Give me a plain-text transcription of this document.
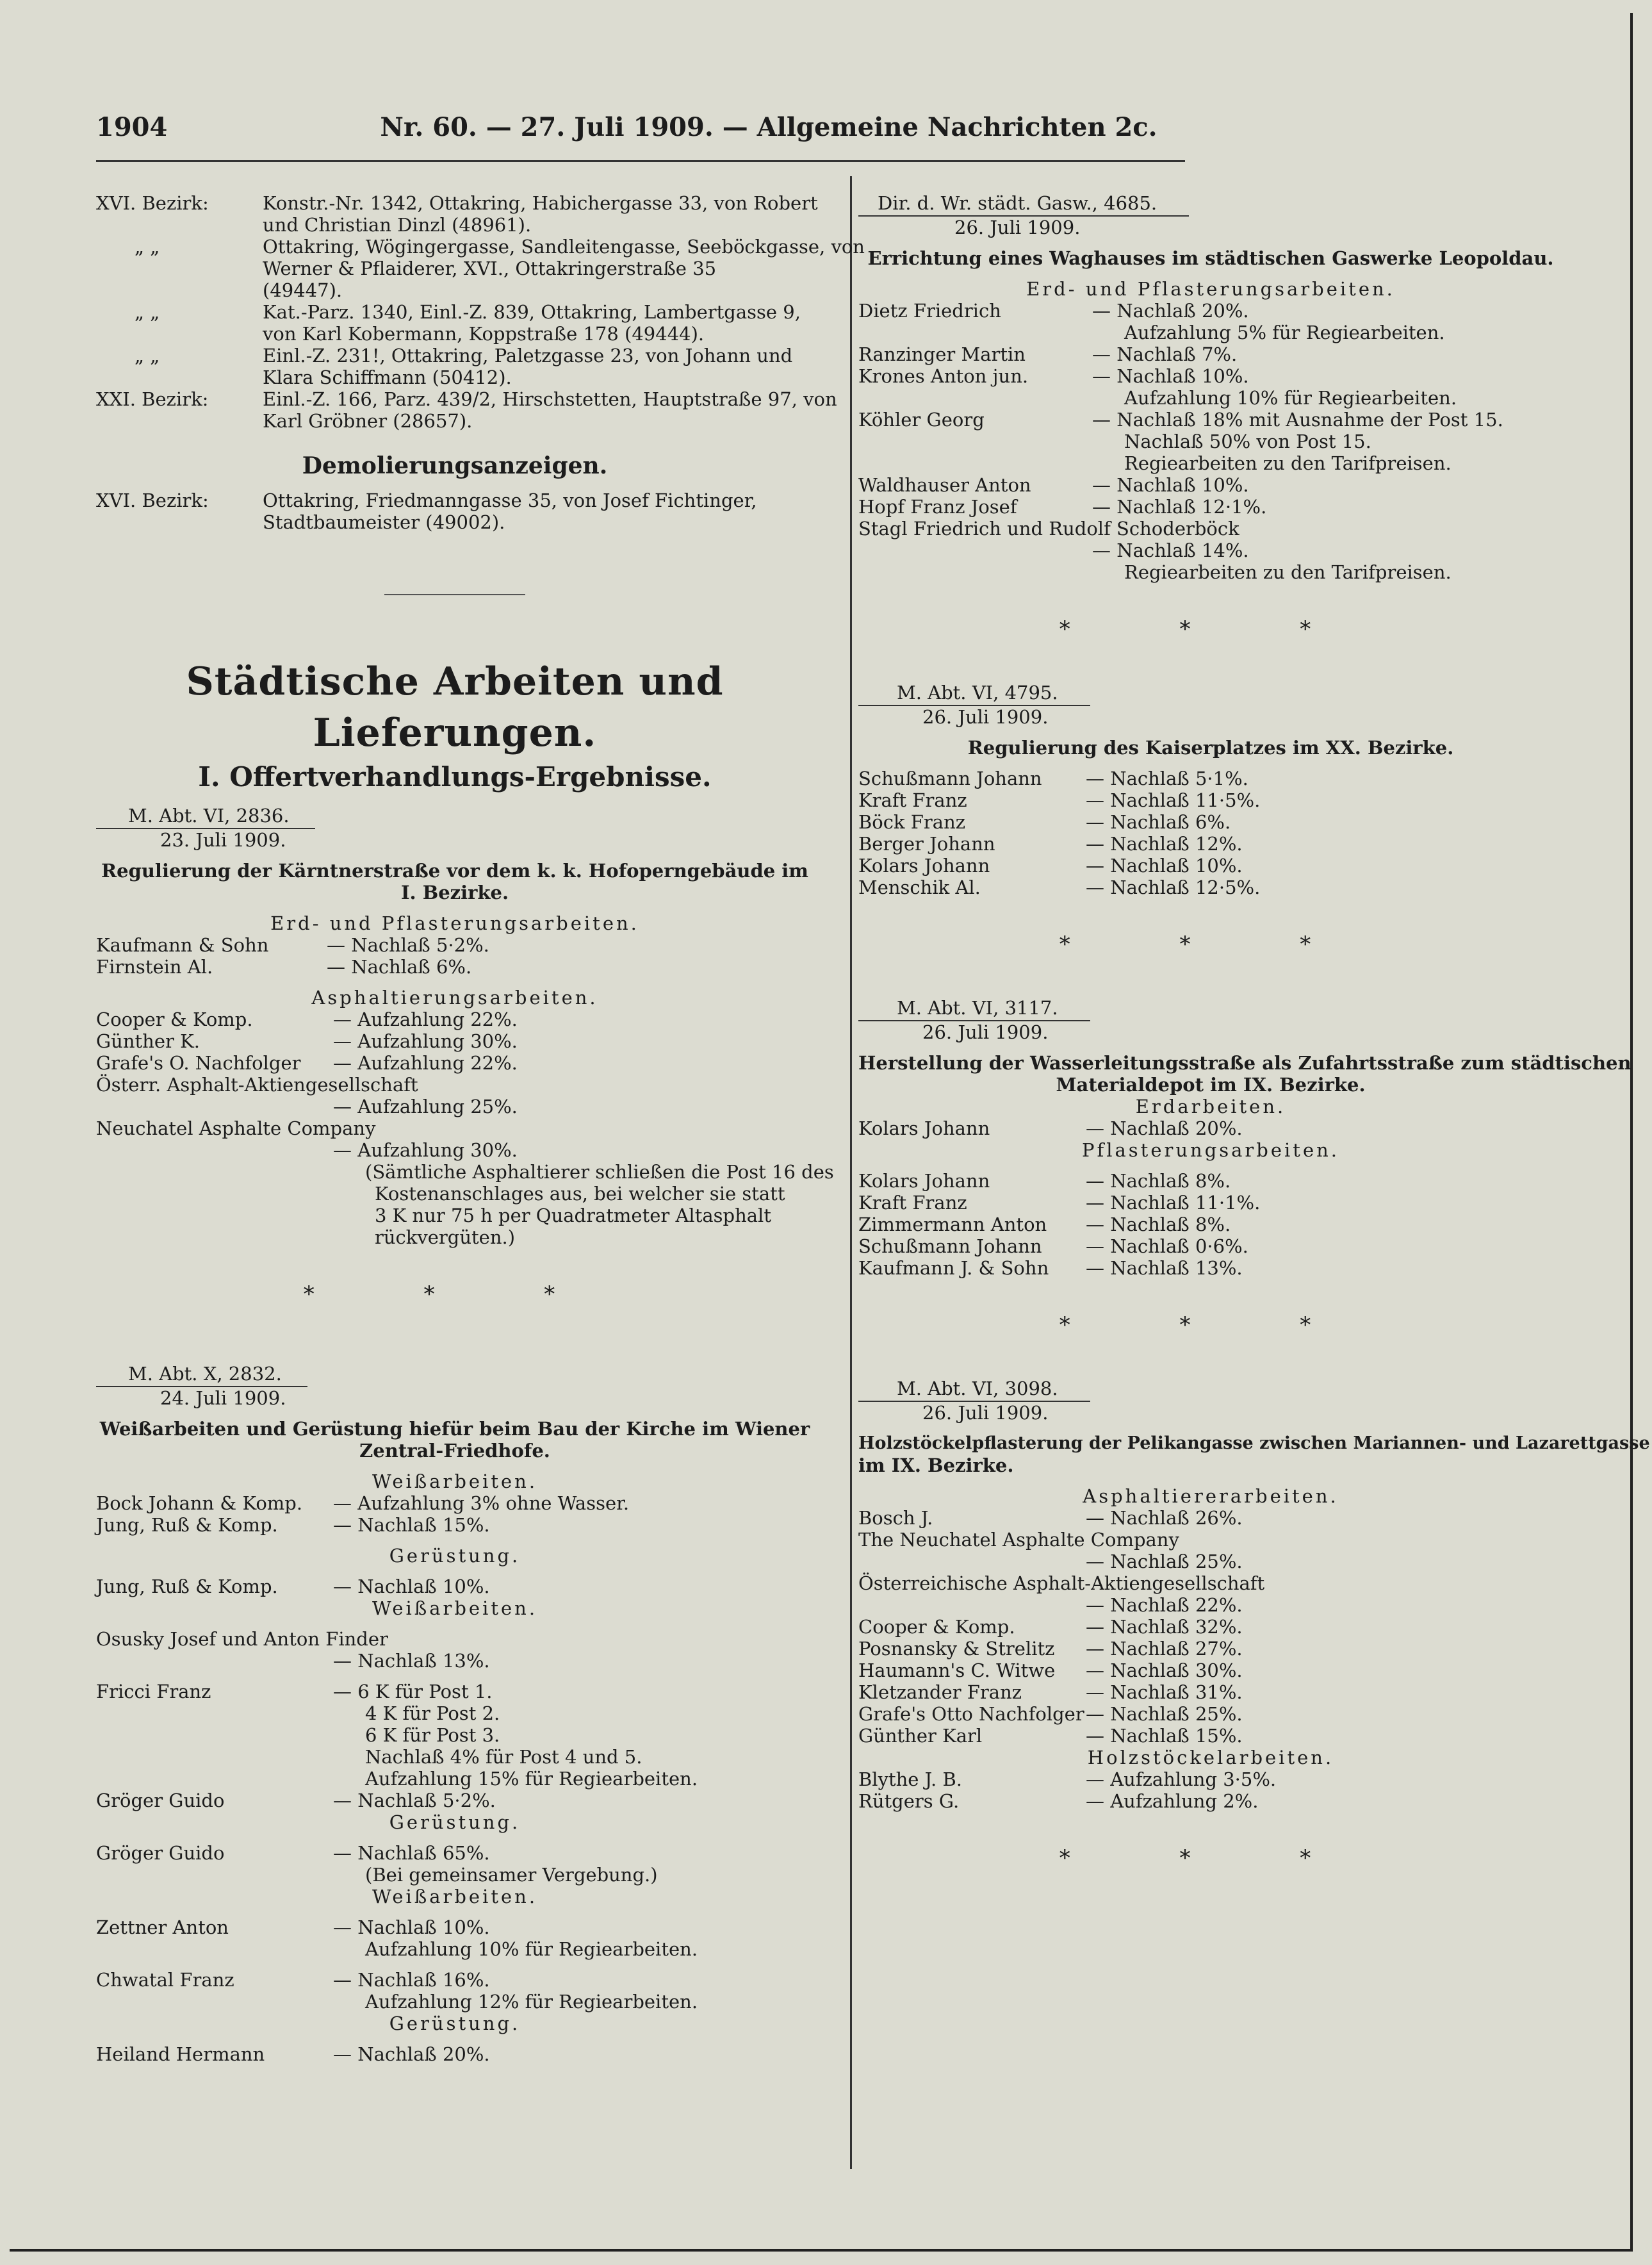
1904	Nr. 60. — 27. Juli 1909. — Allgemeine Nachrichten 2c.
XVI. Bezirk:	Konstr.-Nr. 1342, Ottakring, Habichergasse 33, von Robert
und Christian Dinzl (48961).
„ „	Ottakring, Wögingergasse, Sandleitengasse, Seeböckgasse, von
Werner & Pflaiderer, XVI., Ottakringerstraße 35
(49447).
„ „	Kat.-Parz. 1340, Einl.-Z. 839, Ottakring, Lambertgasse 9,
von Karl Kobermann, Koppstraße 178 (49444).
„ „	Einl.-Z. 231!, Ottakring, Paletzgasse 23, von Johann und
Klara Schiffmann (50412).
XXI. Bezirk:	Einl.-Z. 166, Parz. 439/2, Hirschstetten, Hauptstraße 97, von
Karl Gröbner (28657).
Demolierungsanzeigen.
XVI. Bezirk:	Ottakring, Friedmanngasse 35, von Josef Fichtinger,
Stadtbaumeister (49002).
Städtische Arbeiten und Lieferungen.
I. Offertverhandlungs-Ergebnisse.
M. Abt. VI, 2836.
23. Juli 1909.
Regulierung der Kärntnerstraße vor dem k. k. Hofoperngebäude im
I. Bezirke.
Erd- und Pflasterungsarbeiten.
Kaufmann & Sohn	— Nachlaß 5·2%.
Firnstein Al.	— Nachlaß 6%.
Asphaltierungsarbeiten.
Cooper & Komp.	— Aufzahlung 22%.
Günther K.	— Aufzahlung 30%.
Grafe's O. Nachfolger	— Aufzahlung 22%.
Österr. Asphalt-Aktiengesellschaft
— Aufzahlung 25%.
Neuchatel Asphalte Company
— Aufzahlung 30%.
(Sämtliche Asphaltierer schließen die Post 16 des
Kostenanschlages aus, bei welcher sie statt
3 K nur 75 h per Quadratmeter Altasphalt
rückvergüten.)
* * *
M. Abt. X, 2832.
24. Juli 1909.
Weißarbeiten und Gerüstung hiefür beim Bau der Kirche im Wiener
Zentral-Friedhofe.
Weißarbeiten.
Bock Johann & Komp.	— Aufzahlung 3% ohne Wasser.
Jung, Ruß & Komp.	— Nachlaß 15%.
Gerüstung.
Jung, Ruß & Komp.	— Nachlaß 10%.
Weißarbeiten.
Osusky Josef und Anton Finder
— Nachlaß 13%.
Fricci Franz	— 6 K für Post 1.
4 K für Post 2.
6 K für Post 3.
Nachlaß 4% für Post 4 und 5.
Aufzahlung 15% für Regiearbeiten.
Gröger Guido	— Nachlaß 5·2%.
Gerüstung.
Gröger Guido	— Nachlaß 65%.
(Bei gemeinsamer Vergebung.)
Weißarbeiten.
Zettner Anton	— Nachlaß 10%.
Aufzahlung 10% für Regiearbeiten.
Chwatal Franz	— Nachlaß 16%.
Aufzahlung 12% für Regiearbeiten.
Gerüstung.
Heiland Hermann	— Nachlaß 20%.
Dir. d. Wr. städt. Gasw., 4685.
26. Juli 1909.
Errichtung eines Waghauses im städtischen Gaswerke Leopoldau.
Erd- und Pflasterungsarbeiten.
Dietz Friedrich	— Nachlaß 20%.
Aufzahlung 5% für Regiearbeiten.
Ranzinger Martin	— Nachlaß 7%.
Krones Anton jun.	— Nachlaß 10%.
Aufzahlung 10% für Regiearbeiten.
Köhler Georg	— Nachlaß 18% mit Ausnahme der Post 15.
Nachlaß 50% von Post 15.
Regiearbeiten zu den Tarifpreisen.
Waldhauser Anton	— Nachlaß 10%.
Hopf Franz Josef	— Nachlaß 12·1%.
Stagl Friedrich und Rudolf Schoderböck
— Nachlaß 14%.
Regiearbeiten zu den Tarifpreisen.
* * *
M. Abt. VI, 4795.
26. Juli 1909.
Regulierung des Kaiserplatzes im XX. Bezirke.
Schußmann Johann	— Nachlaß 5·1%.
Kraft Franz	— Nachlaß 11·5%.
Böck Franz	— Nachlaß 6%.
Berger Johann	— Nachlaß 12%.
Kolars Johann	— Nachlaß 10%.
Menschik Al.	— Nachlaß 12·5%.
* * *
M. Abt. VI, 3117.
26. Juli 1909.
Herstellung der Wasserleitungsstraße als Zufahrtsstraße zum städtischen
Materialdepot im IX. Bezirke.
Erdarbeiten.
Kolars Johann	— Nachlaß 20%.
Pflasterungsarbeiten.
Kolars Johann	— Nachlaß 8%.
Kraft Franz	— Nachlaß 11·1%.
Zimmermann Anton	— Nachlaß 8%.
Schußmann Johann	— Nachlaß 0·6%.
Kaufmann J. & Sohn	— Nachlaß 13%.
* * *
M. Abt. VI, 3098.
26. Juli 1909.
Holzstöckelpflasterung der Pelikangasse zwischen Mariannen- und Lazarettgasse
im IX. Bezirke.
Asphaltiererarbeiten.
Bosch J.	— Nachlaß 26%.
The Neuchatel Asphalte Company
— Nachlaß 25%.
Österreichische Asphalt-Aktiengesellschaft
— Nachlaß 22%.
Cooper & Komp.	— Nachlaß 32%.
Posnansky & Strelitz	— Nachlaß 27%.
Haumann's C. Witwe	— Nachlaß 30%.
Kletzander Franz	— Nachlaß 31%.
Grafe's Otto Nachfolger — Nachlaß 25%.
Günther Karl	— Nachlaß 15%.
Holzstöckelarbeiten.
Blythe J. B.	— Aufzahlung 3·5%.
Rütgers G.	— Aufzahlung 2%.
* * *
